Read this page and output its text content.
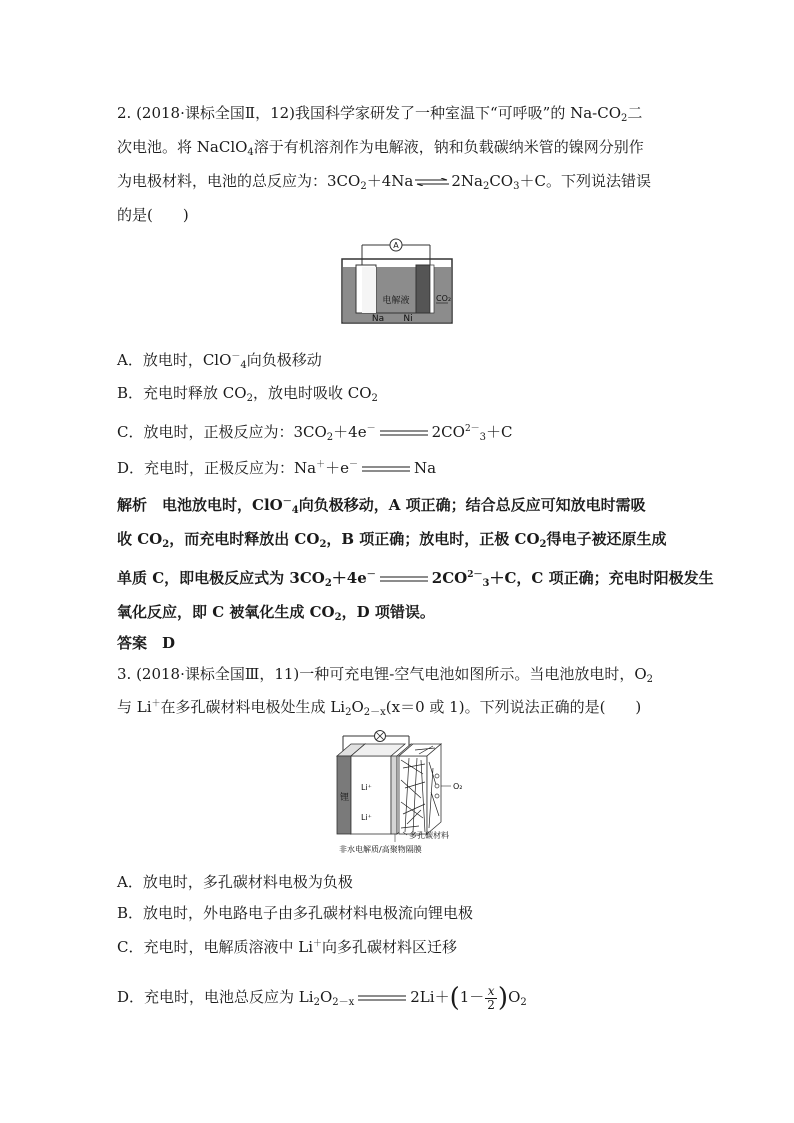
2. (2018·课标全国Ⅱ，12)我国科学家研发了一种室温下“可呼吸”的 $Na-CO_2$二
次电池。将 NaClO$_4$溶于有机溶剂作为电解液，钠和负载碳纳米管的镍网分别作
为电极材料，电池的总反应为：$3CO_2+4Na$ ⇌ $2Na_2CO_3+C$。下列说法错误
的是(　　)
A
电解液
Na Ni
CO₂
A．放电时，ClO－$_4$向负极移动
B．充电时释放 $CO_2$，放电时吸收 $CO_2$
C．放电时，正极反应为：$3CO_2+4e^-$	$2CO^{2-}_3+C$
D．充电时，正极反应为：Na＋＋e－	Na
解析　电池放电时，ClO－$_4$向负极移动，A 项正确；结合总反应可知放电时需吸
收 $CO_2$，而充电时释放出 $CO_2$，B 项正确；放电时，正极 $CO_2$得电子被还原生成
单质 C，即电极反应式为 $3CO_2+4e^-$	$2CO^{2-}_3+C$，C 项正确；充电时阳极发生
氧化反应，即 C 被氧化生成 $CO_2$，D 项错误。
答案　D
3. (2018·课标全国Ⅲ，11)一种可充电锂-空气电池如图所示。当电池放电时，$O_2$
与 Li＋在多孔碳材料电极处生成 $Li_2O_{2-x}(x=0$ 或 1)。下列说法正确的是(　　)
O₂
锂
Li⁺
Li⁺
多孔碳材料
非水电解质/高聚物隔膜
A．放电时，多孔碳材料电极为负极
B．放电时，外电路电子由多孔碳材料电极流向锂电极
C．充电时，电解质溶液中 Li＋向多孔碳材料区迁移
D．充电时，电池总反应为 $Li_2O_{2-x}$	$2Li+(1- \frac{x}{2} )O_2$
